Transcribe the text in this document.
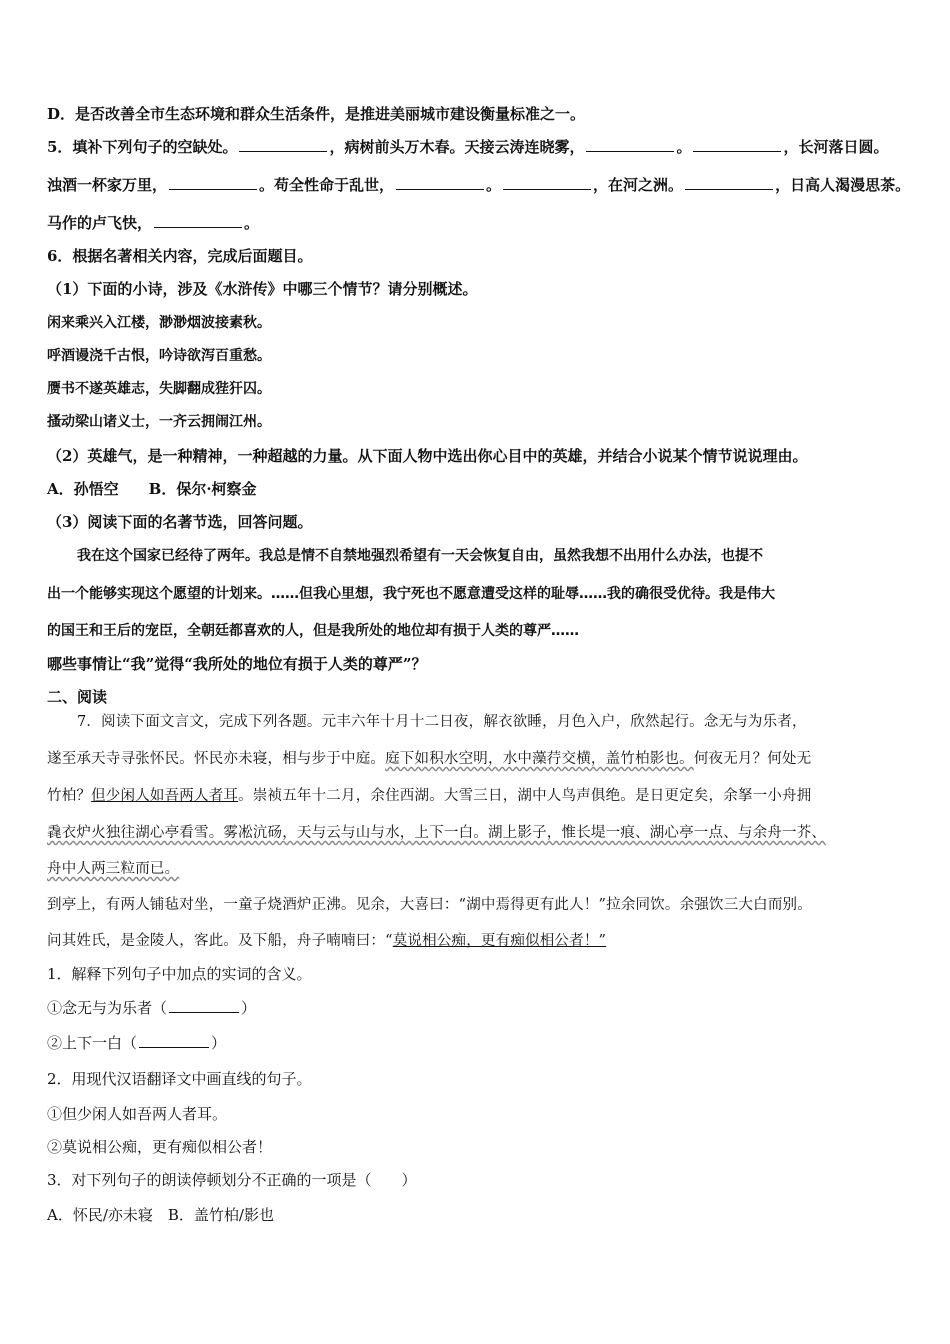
D．是否改善全市生态环境和群众生活条件，是推进美丽城市建设衡量标准之一。
5．填补下列句子的空缺处。	，病树前头万木春。天接云涛连晓雾，	。	，长河落日圆。
浊酒一杯家万里，	。苟全性命于乱世，	。	，在河之洲。	，日高人渴漫思茶。
马作的卢飞快，	。
6．根据名著相关内容，完成后面题目。
（1）下面的小诗，涉及《水浒传》中哪三个情节？请分别概述。
闲来乘兴入江楼，渺渺烟波接素秋。
呼酒谩浇千古恨，吟诗欲泻百重愁。
赝书不遂英雄志，失脚翻成狴犴囚。
搔动梁山诸义士，一齐云拥闹江州。
（2）英雄气，是一种精神，一种超越的力量。从下面人物中选出你心目中的英雄，并结合小说某个情节说说理由。
A．孙悟空　　B．保尔·柯察金
（3）阅读下面的名著节选，回答问题。
我在这个国家已经待了两年。我总是情不自禁地强烈希望有一天会恢复自由，虽然我想不出用什么办法，也提不
出一个能够实现这个愿望的计划来。……但我心里想，我宁死也不愿意遭受这样的耻辱……我的确很受优待。我是伟大
的国王和王后的宠臣，全朝廷都喜欢的人，但是我所处的地位却有损于人类的尊严……
哪些事情让“我”觉得“我所处的地位有损于人类的尊严”？
二、阅读
7．阅读下面文言文，完成下列各题。元丰六年十月十二日夜，解衣欲睡，月色入户，欣然起行。念无与为乐者，
遂至承天寺寻张怀民。怀民亦未寝，相与步于中庭。庭下如积水空明，水中藻荇交横，盖竹柏影也。何夜无月？何处无
竹柏？但少闲人如吾两人者耳。崇祯五年十二月，余住西湖。大雪三日，湖中人鸟声俱绝。是日更定矣，余拏一小舟拥
毳衣炉火独往湖心亭看雪。雾凇沆砀，天与云与山与水，上下一白。湖上影子，惟长堤一痕、湖心亭一点、与余舟一芥、
舟中人两三粒而已。
到亭上，有两人铺毡对坐，一童子烧酒炉正沸。见余，大喜曰：“湖中焉得更有此人！”拉余同饮。余强饮三大白而别。
问其姓氏，是金陵人，客此。及下船，舟子喃喃曰：“莫说相公痴，更有痴似相公者！”
1．解释下列句子中加点的实词的含义。
①念无与为乐者（	）
②上下一白（	）
2．用现代汉语翻译文中画直线的句子。
①但少闲人如吾两人者耳。
②莫说相公痴，更有痴似相公者！
3．对下列句子的朗读停顿划分不正确的一项是（　　）
A．怀民/亦未寝　B．盖竹柏/影也
